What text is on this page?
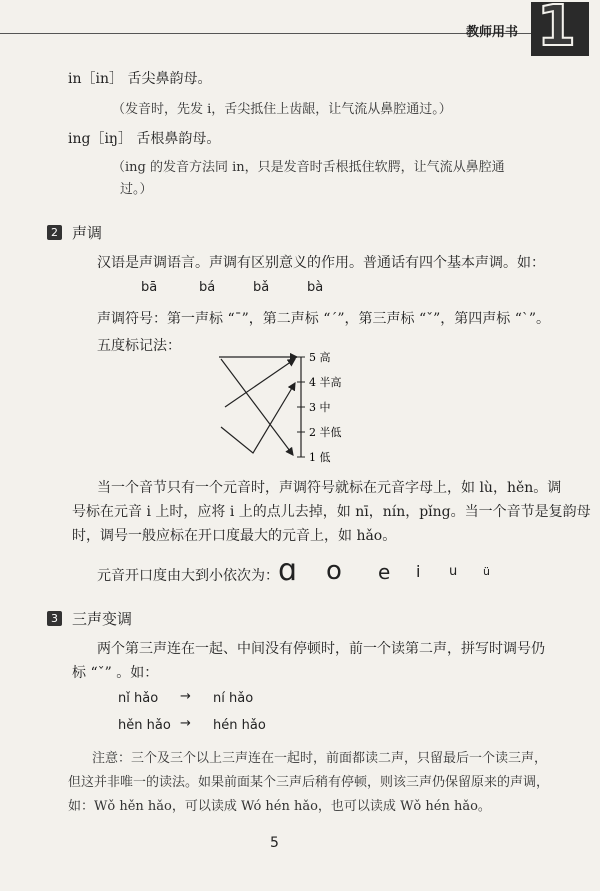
教师用书 1
in［in］ 舌尖鼻韵母。
（发音时，先发 i，舌尖抵住上齿龈，让气流从鼻腔通过。）
ing［iŋ］ 舌根鼻韵母。
（ing 的发音方法同 in，只是发音时舌根抵住软腭，让气流从鼻腔通
过。）
2 声调
汉语是声调语言。声调有区别意义的作用。普通话有四个基本声调。如：
bā	bá	bǎ	bà
声调符号：第一声标 “ˉ”，第二声标 “ˊ”，第三声标 “ˇ”，第四声标 “ˋ”。
五度标记法：
5 高
4 半高
3 中
2 半低
1 低
当一个音节只有一个元音时，声调符号就标在元音字母上，如 lù，hěn。调
号标在元音 i 上时，应将 i 上的点儿去掉，如 nī，nín，pǐng。当一个音节是复韵母
时，调号一般应标在开口度最大的元音上，如 hǎo。
元音开口度由大到小依次为： ɑ o e i u ü
3 三声变调
两个第三声连在一起、中间没有停顿时，前一个读第二声，拼写时调号仍
标 “ˇ” 。如：
nǐ hǎo → ní hǎo
hěn hǎo → hén hǎo
注意：三个及三个以上三声连在一起时，前面都读二声，只留最后一个读三声，
但这并非唯一的读法。如果前面某个三声后稍有停顿，则该三声仍保留原来的声调，
如：Wǒ hěn hǎo，可以读成 Wó hén hǎo，也可以读成 Wǒ hén hǎo。
5
